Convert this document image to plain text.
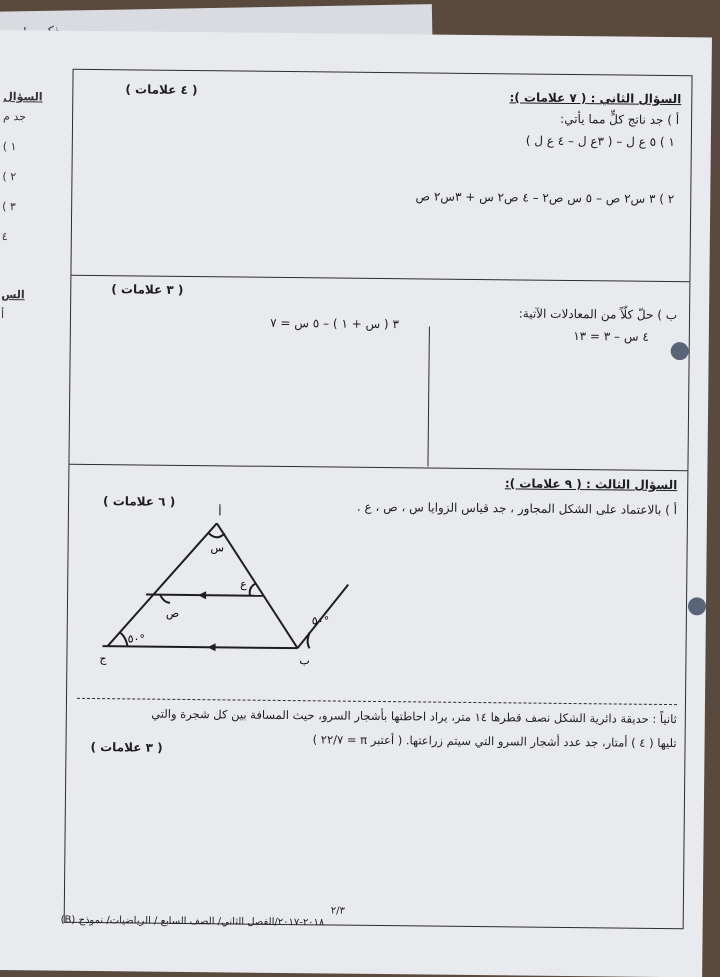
السؤال
جد م
( ١
( ٢
( ٣
٤
الس
أ
السؤال الثاني : ( ٧ علامات ):
( ٤ علامات )
أ ) جد ناتج كلٍّ مما يأتي:
١ ) ٥ ع ل – ( ٣ع ل – ٤ ع ل )
٢ ) ٣ س٢ ص – ٥ س ص٢ – ٤ ص٢ س + ٣س٢ ص
( ٣ علامات )
ب ) حلّ كلّاً من المعادلات الآتية:
٤ س – ٣ = ١٣
٣ ( س + ١ ) – ٥ س = ٧
السؤال الثالث : ( ٩ علامات ):
( ٦ علامات )	أ ) بالاعتماد على الشكل المجاور ، جد قياس الزوايا س ، ص ، ع .
أ
ج	ب
س
ع
ص
٥٠°
٥٠°
ثانياً : حديقة دائرية الشكل نصف قطرها ١٤ متر، يراد احاطتها بأشجار السرو، حيث المسافة بين كل شجرة والتي
تليها ( ٤ ) أمتار، جد عدد أشجار السرو التي سيتم زراعتها. ( أعتبر π = ٢٢/٧ )
( ٣ علامات )
٢/٣
٢٠١٨-٢٠١٧/الفصل الثاني/ الصف السابع / الرياضيات/ نموذج (B)
